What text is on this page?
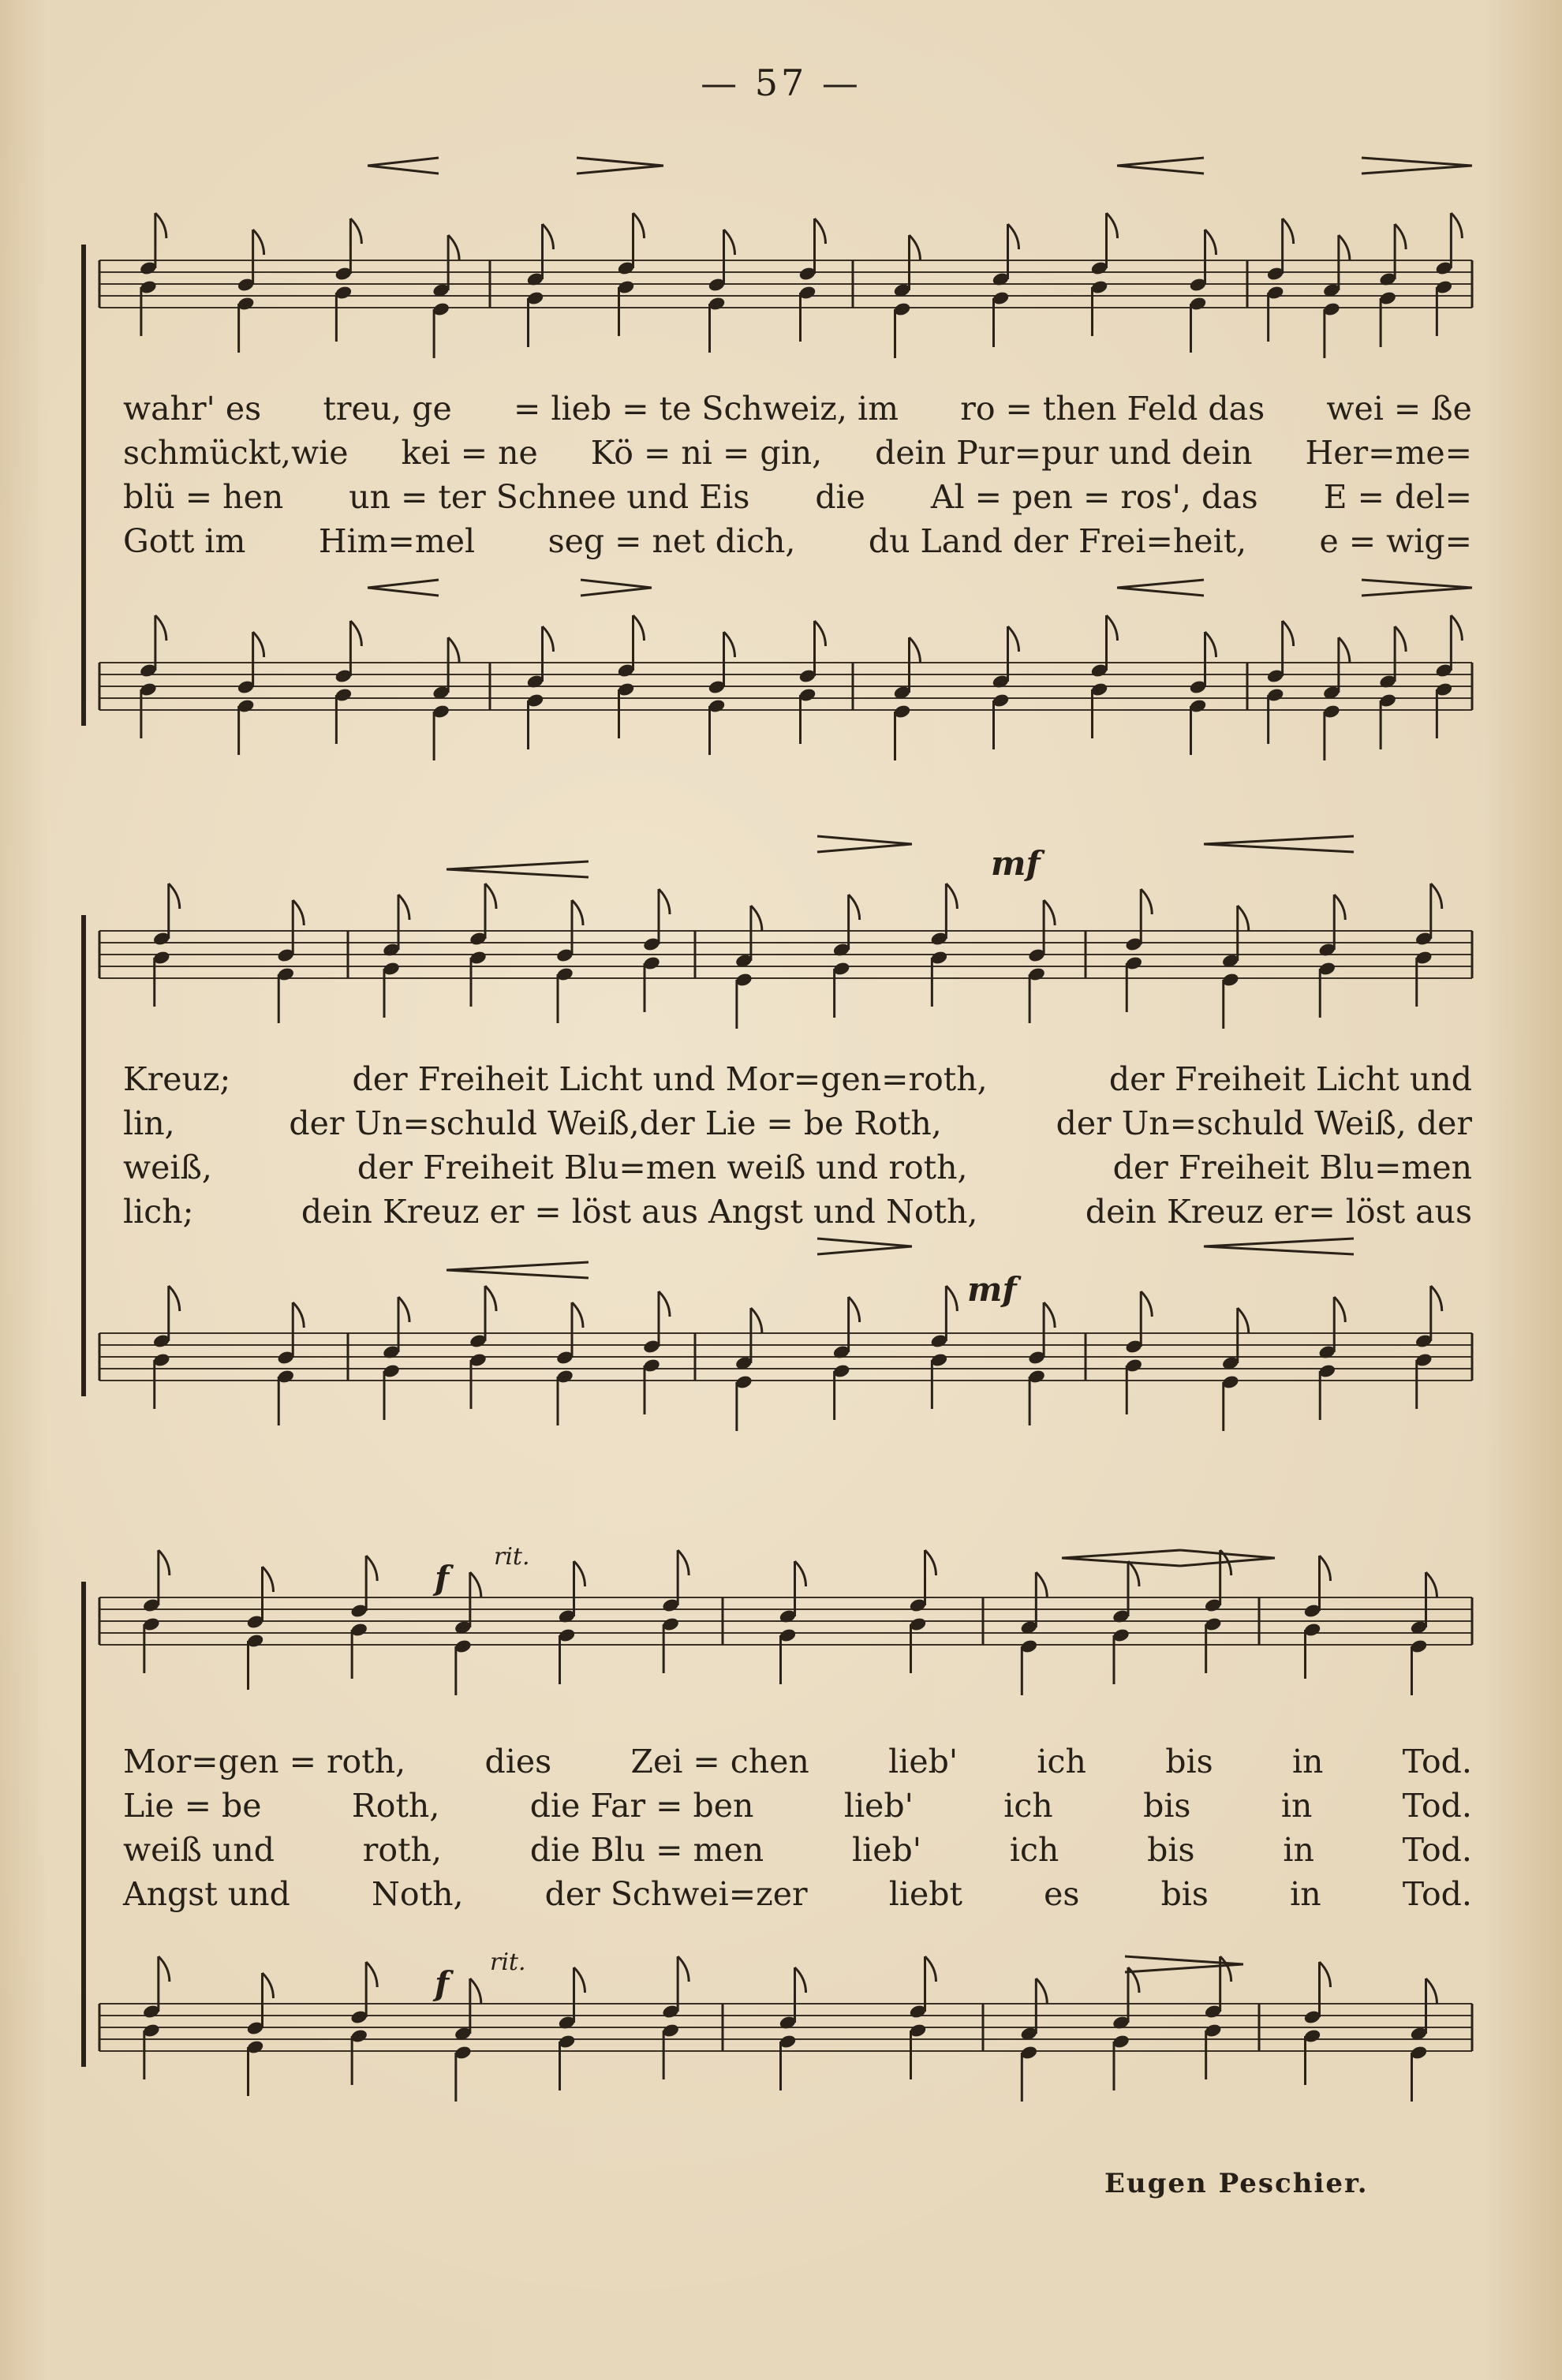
— 57 —
wahr' es treu, ge = lieb = te Schweiz, im ro = then Feld das wei = ße
schmückt,wie kei = ne Kö = ni = gin, dein Pur=pur und dein Her=me=
blü = hen un = ter Schnee und Eis die Al = pen = ros', das E = del=
Gott im Him=mel seg = net dich, du Land der Frei=heit, e = wig=
mf
mf
Kreuz;	der Freiheit Licht und Mor=gen=roth,	der Freiheit Licht und
lin,	der Un=schuld Weiß,der Lie = be Roth,	der Un=schuld Weiß, der
weiß,	der Freiheit Blu=men weiß und roth,	der Freiheit Blu=men
lich;	dein Kreuz er = löst aus Angst und Noth,	dein Kreuz er= löst aus
f
rit.
f
rit.
Mor=gen = roth, dies Zei = chen lieb' ich bis in Tod.
Lie = be	Roth,	die Far = ben	lieb'	ich	bis	in	Tod.
weiß und	roth,	die Blu = men	lieb'	ich	bis	in	Tod.
Angst und	Noth,	der Schwei=zer	liebt	es	bis	in	Tod.
Eugen Peschier.
